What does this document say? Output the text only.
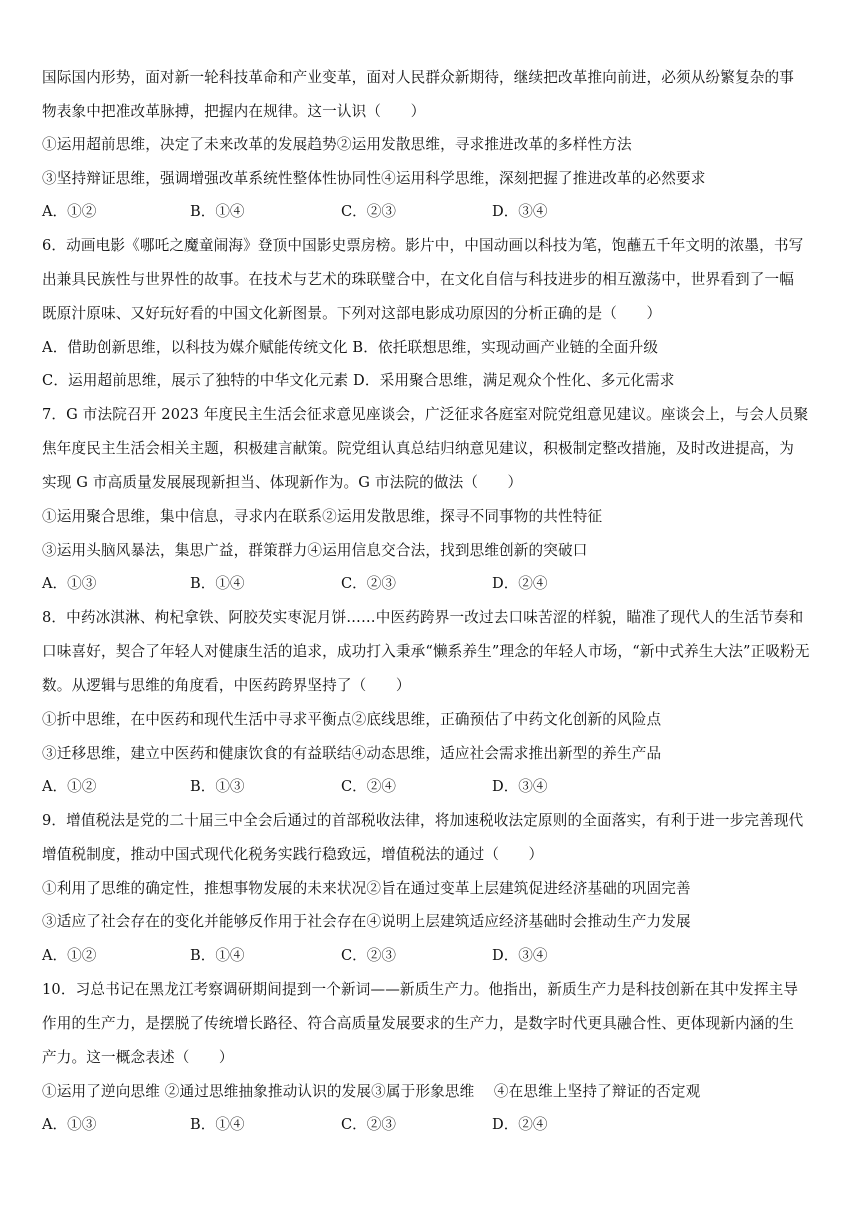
国际国内形势，面对新一轮科技革命和产业变革，面对人民群众新期待，继续把改革推向前进，必须从纷繁复杂的事
物表象中把准改革脉搏，把握内在规律。这一认识（　　）
①运用超前思维，决定了未来改革的发展趋势②运用发散思维，寻求推进改革的多样性方法
③坚持辩证思维，强调增强改革系统性整体性协同性④运用科学思维，深刻把握了推进改革的必然要求
A．①②	B．①④	C．②③	D．③④
6．动画电影《哪吒之魔童闹海》登顶中国影史票房榜。影片中，中国动画以科技为笔，饱蘸五千年文明的浓墨，书写
出兼具民族性与世界性的故事。在技术与艺术的珠联璧合中，在文化自信与科技进步的相互激荡中，世界看到了一幅
既原汁原味、又好玩好看的中国文化新图景。下列对这部电影成功原因的分析正确的是（　　）
A．借助创新思维，以科技为媒介赋能传统文化 B．依托联想思维，实现动画产业链的全面升级
C．运用超前思维，展示了独特的中华文化元素 D．采用聚合思维，满足观众个性化、多元化需求
7．G 市法院召开 2023 年度民主生活会征求意见座谈会，广泛征求各庭室对院党组意见建议。座谈会上，与会人员聚
焦年度民主生活会相关主题，积极建言献策。院党组认真总结归纳意见建议，积极制定整改措施，及时改进提高，为
实现 G 市高质量发展展现新担当、体现新作为。G 市法院的做法（　　）
①运用聚合思维，集中信息，寻求内在联系②运用发散思维，探寻不同事物的共性特征
③运用头脑风暴法，集思广益，群策群力④运用信息交合法，找到思维创新的突破口
A．①③	B．①④	C．②③	D．②④
8．中药冰淇淋、枸杞拿铁、阿胶芡实枣泥月饼……中医药跨界一改过去口味苦涩的样貌，瞄准了现代人的生活节奏和
口味喜好，契合了年轻人对健康生活的追求，成功打入秉承“懒系养生”理念的年轻人市场，“新中式养生大法”正吸粉无
数。从逻辑与思维的角度看，中医药跨界坚持了（　　）
①折中思维，在中医药和现代生活中寻求平衡点②底线思维，正确预估了中药文化创新的风险点
③迁移思维，建立中医药和健康饮食的有益联结④动态思维，适应社会需求推出新型的养生产品
A．①②	B．①③	C．②④	D．③④
9．增值税法是党的二十届三中全会后通过的首部税收法律，将加速税收法定原则的全面落实，有利于进一步完善现代
增值税制度，推动中国式现代化税务实践行稳致远，增值税法的通过（　　）
①利用了思维的确定性，推想事物发展的未来状况②旨在通过变革上层建筑促进经济基础的巩固完善
③适应了社会存在的变化并能够反作用于社会存在④说明上层建筑适应经济基础时会推动生产力发展
A．①②	B．①④	C．②③	D．③④
10．习总书记在黑龙江考察调研期间提到一个新词——新质生产力。他指出，新质生产力是科技创新在其中发挥主导
作用的生产力，是摆脱了传统增长路径、符合高质量发展要求的生产力，是数字时代更具融合性、更体现新内涵的生
产力。这一概念表述（　　）
①运用了逆向思维 ②通过思维抽象推动认识的发展③属于形象思维　 ④在思维上坚持了辩证的否定观
A．①③	B．①④	C．②③	D．②④
